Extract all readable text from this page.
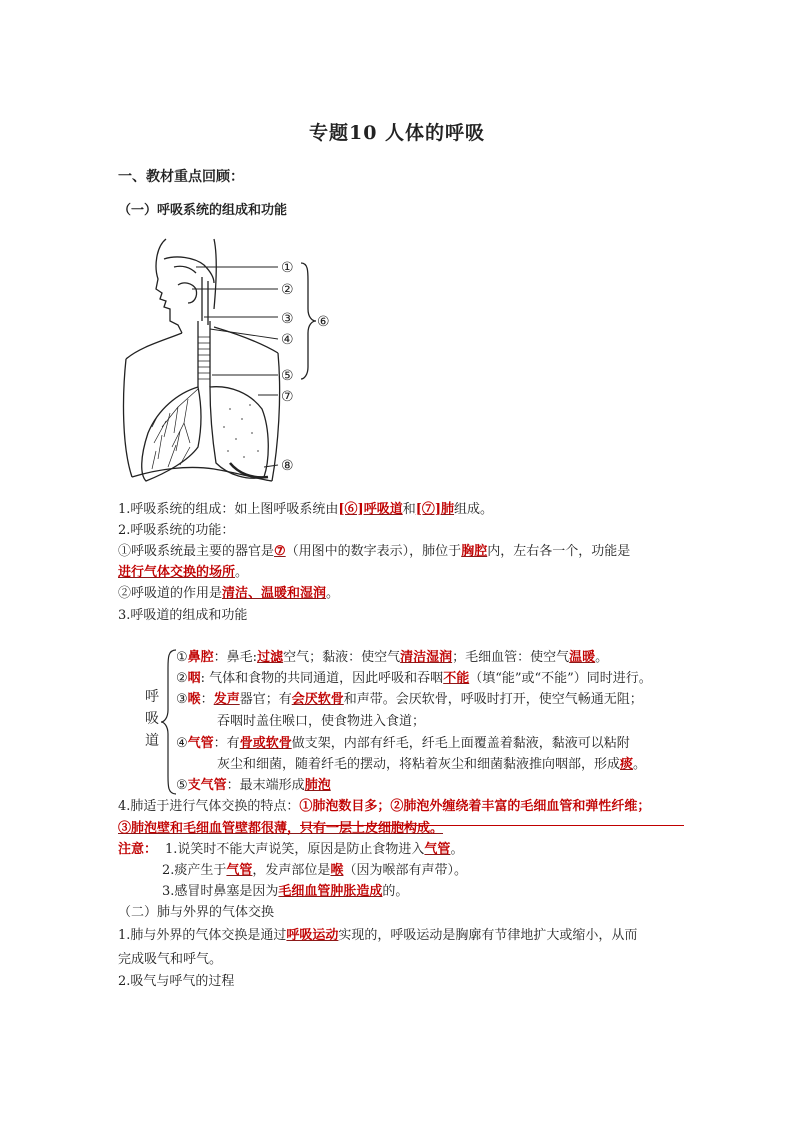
专题10 人体的呼吸
一、教材重点回顾：
（一）呼吸系统的组成和功能
①
②
③
④
⑤
⑦
⑧
⑥
1.呼吸系统的组成：如上图呼吸系统由[⑥]呼吸道和[⑦]肺组成。
2.呼吸系统的功能：
①呼吸系统最主要的器官是⑦（用图中的数字表示），肺位于胸腔内，左右各一个，功能是
进行气体交换的场所。
②呼吸道的作用是清洁、温暖和湿润。
3.呼吸道的组成和功能
呼
吸
道
①鼻腔：鼻毛:过滤空气；黏液：使空气清洁湿润；毛细血管：使空气温暖。
②咽: 气体和食物的共同通道，因此呼吸和吞咽不能（填“能”或“不能”）同时进行。
③喉：发声器官；有会厌软骨和声带。会厌软骨，呼吸时打开，使空气畅通无阻；
吞咽时盖住喉口，使食物进入食道；
④气管：有骨或软骨做支架，内部有纤毛，纤毛上面覆盖着黏液，黏液可以粘附
灰尘和细菌，随着纤毛的摆动，将粘着灰尘和细菌黏液推向咽部，形成痰。
⑤支气管：最末端形成肺泡
4.肺适于进行气体交换的特点：①肺泡数目多；②肺泡外缠绕着丰富的毛细血管和弹性纤维；
③肺泡壁和毛细血管壁都很薄，只有一层上皮细胞构成。
注意： 1.说笑时不能大声说笑，原因是防止食物进入气管。
2.痰产生于气管，发声部位是喉（因为喉部有声带）。
3.感冒时鼻塞是因为毛细血管肿胀造成的。
（二）肺与外界的气体交换
1.肺与外界的气体交换是通过呼吸运动实现的，呼吸运动是胸廓有节律地扩大或缩小，从而
完成吸气和呼气。
2.吸气与呼气的过程
